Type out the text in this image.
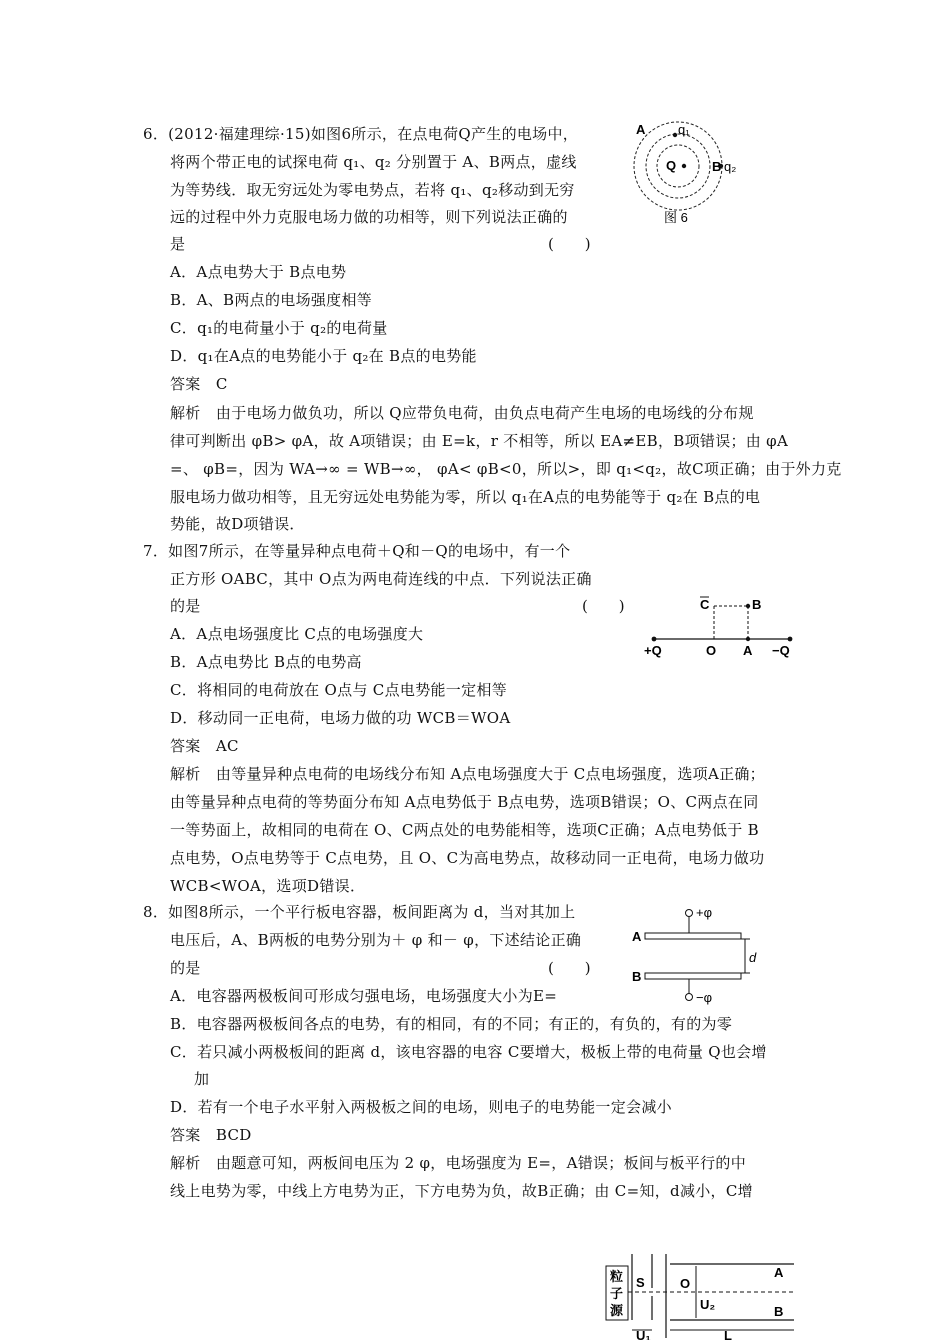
6．(2012·福建理综·15)如图6所示，在点电荷Q产生的电场中，
将两个带正电的试探电荷 q₁、q₂ 分别置于 A、B两点，虚线
为等势线．取无穷远处为零电势点，若将 q₁、q₂移动到无穷
远的过程中外力克服电场力做的功相等，则下列说法正确的
是	(　　)
A．A点电势大于 B点电势
B．A、B两点的电场强度相等
C．q₁的电荷量小于 q₂的电荷量
D．q₁在A点的电势能小于 q₂在 B点的电势能
答案　C
解析　由于电场力做负功，所以 Q应带负电荷，由负点电荷产生电场的电场线的分布规
律可判断出 φB> φA，故 A项错误；由 E=k，r 不相等，所以 EA≠EB，B项错误；由 φA
=、 φB=，因为 WA→∞ = WB→∞， φA< φB<0，所以>，即 q₁<q₂，故C项正确；由于外力克
服电场力做功相等，且无穷远处电势能为零，所以 q₁在A点的电势能等于 q₂在 B点的电
势能，故D项错误．
A	q₁
Q	B q₂
图 6
7．如图7所示，在等量异种点电荷＋Q和－Q的电场中，有一个
正方形 OABC，其中 O点为两电荷连线的中点．下列说法正确
的是	(　　)
A．A点电场强度比 C点的电场强度大
B．A点电势比 B点的电势高
C．将相同的电荷放在 O点与 C点电势能一定相等
D．移动同一正电荷，电场力做的功 WCB＝WOA
答案　AC
解析　由等量异种点电荷的电场线分布知 A点电场强度大于 C点电场强度，选项A正确；
由等量异种点电荷的等势面分布知 A点电势低于 B点电势，选项B错误；O、C两点在同
一等势面上，故相同的电荷在 O、C两点处的电势能相等，选项C正确；A点电势低于 B
点电势，O点电势等于 C点电势，且 O、C为高电势点，故移动同一正电荷，电场力做功
WCB<WOA，选项D错误．
C	B
+Q	O A −Q
8．如图8所示，一个平行板电容器，板间距离为 d，当对其加上
电压后，A、B两板的电势分别为＋ φ 和－ φ，下述结论正确
的是	(　　)
A．电容器两极板间可形成匀强电场，电场强度大小为E=
B．电容器两极板间各点的电势，有的相同，有的不同；有正的，有负的，有的为零
C．若只减小两极板间的距离 d，该电容器的电容 C要增大，极板上带的电荷量 Q也会增
加
D．若有一个电子水平射入两极板之间的电场，则电子的电势能一定会减小
答案　BCD
解析　由题意可知，两板间电压为 2 φ，电场强度为 E=，A错误；板间与板平行的中
线上电势为零，中线上方电势为正，下方电势为负，故B正确；由 C=知，d减小，C增
+φ
A
d
B
−φ
粒
子
源
S	O
A
U₂
U₁	L
B
